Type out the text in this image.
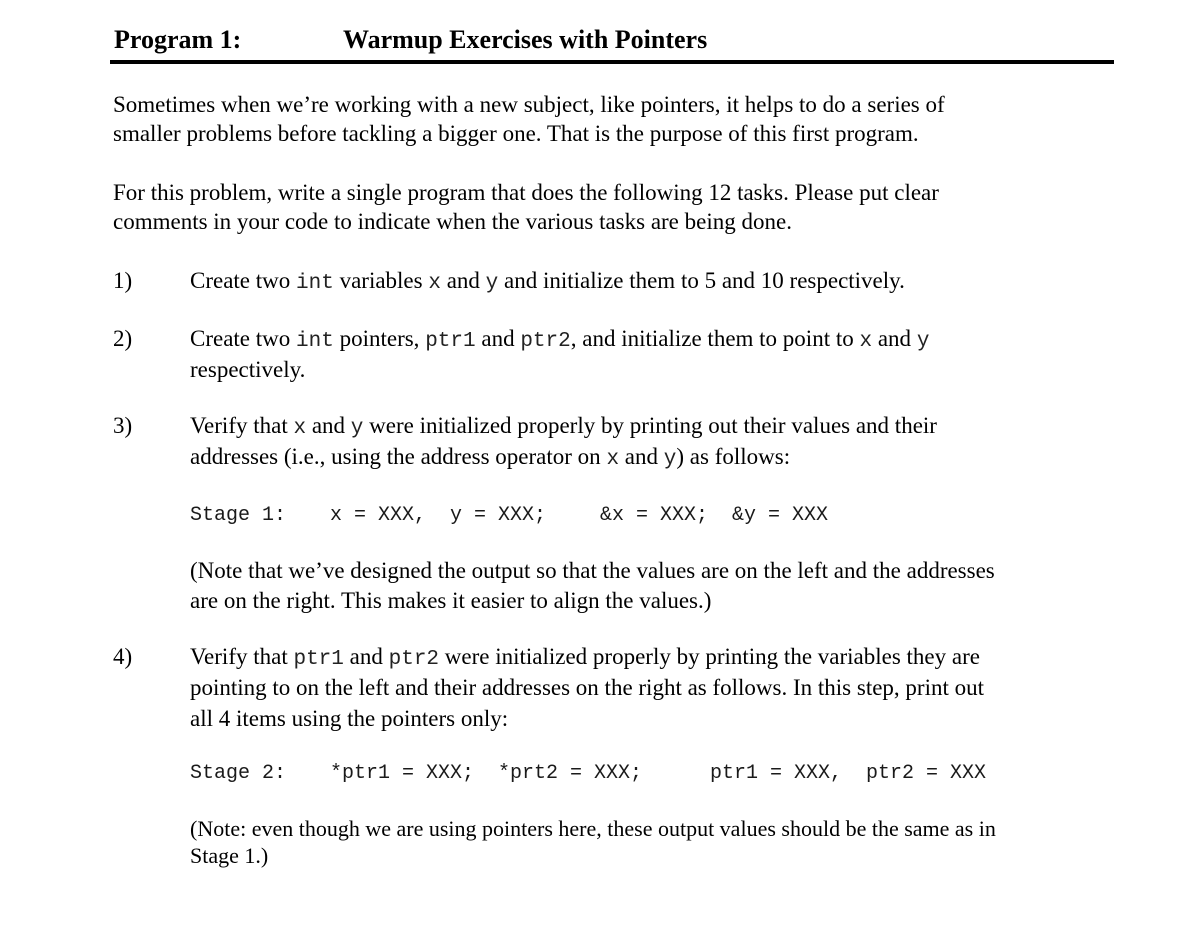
Program 1:	Warmup Exercises with Pointers
Sometimes when we’re working with a new subject, like pointers, it helps to do a series of
smaller problems before tackling a bigger one. That is the purpose of this first program.
For this problem, write a single program that does the following 12 tasks. Please put clear
comments in your code to indicate when the various tasks are being done.
1)	Create two int variables x and y and initialize them to 5 and 10 respectively.
2)	Create two int pointers, ptr1 and ptr2, and initialize them to point to x and y
respectively.
3)	Verify that x and y were initialized properly by printing out their values and their
addresses (i.e., using the address operator on x and y) as follows:
Stage 1: x = XXX,  y = XXX;	&x = XXX;  &y = XXX
(Note that we’ve designed the output so that the values are on the left and the addresses
are on the right. This makes it easier to align the values.)
4)	Verify that ptr1 and ptr2 were initialized properly by printing the variables they are
pointing to on the left and their addresses on the right as follows. In this step, print out
all 4 items using the pointers only:
Stage 2: *ptr1 = XXX;  *prt2 = XXX;	ptr1 = XXX,  ptr2 = XXX
(Note: even though we are using pointers here, these output values should be the same as in
Stage 1.)
